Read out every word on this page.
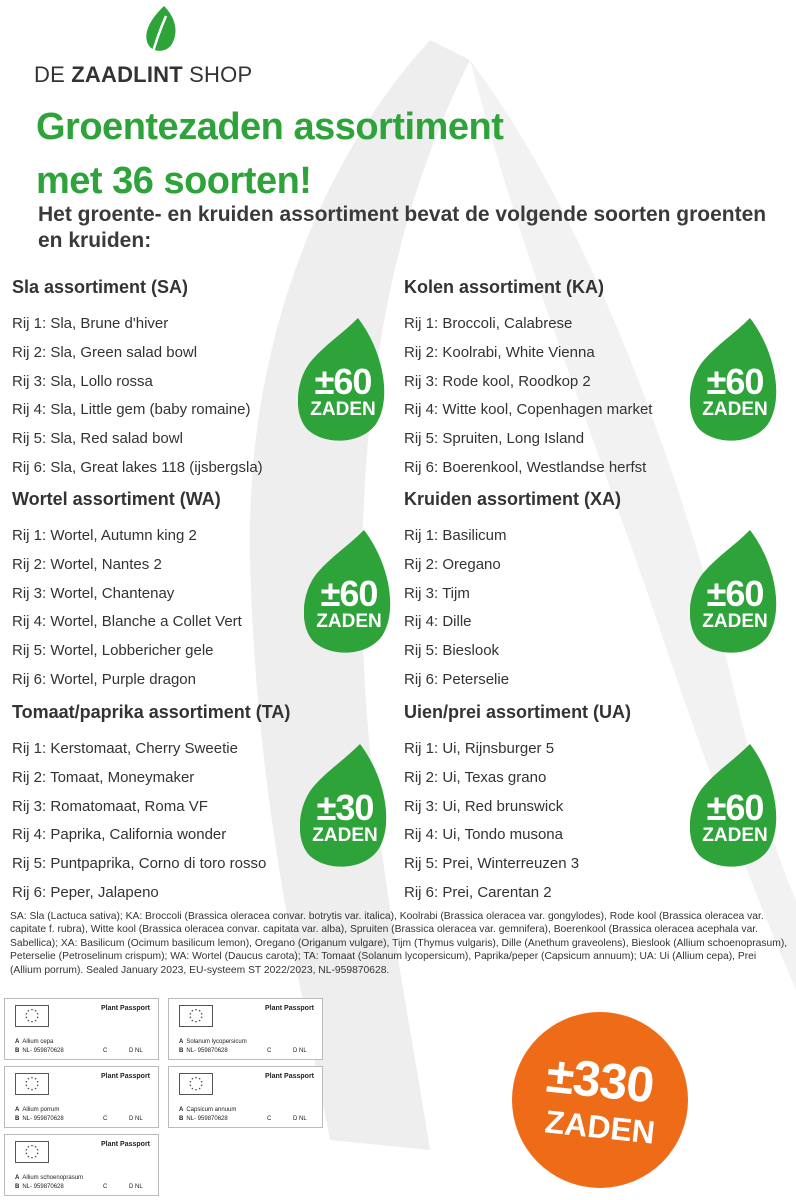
DE ZAADLINT SHOP
Groentezaden assortiment
met 36 soorten!

Het groente- en kruiden assortiment bevat de volgende soorten groenten en kruiden:

Sla assortiment (SA)
Rij 1: Sla, Brune d'hiver
Rij 2: Sla, Green salad bowl
Rij 3: Sla, Lollo rossa
Rij 4: Sla, Little gem (baby romaine)
Rij 5: Sla, Red salad bowl
Rij 6: Sla, Great lakes 118 (ijsbergsla)
Kolen assortiment (KA)
Rij 1: Broccoli, Calabrese
Rij 2: Koolrabi, White Vienna
Rij 3: Rode kool, Roodkop 2
Rij 4: Witte kool, Copenhagen market
Rij 5: Spruiten, Long Island
Rij 6: Boerenkool, Westlandse herfst
Wortel assortiment (WA)
Rij 1: Wortel, Autumn king 2
Rij 2: Wortel, Nantes 2
Rij 3: Wortel, Chantenay
Rij 4: Wortel, Blanche a Collet Vert
Rij 5: Wortel, Lobbericher gele
Rij 6: Wortel, Purple dragon
Kruiden assortiment (XA)
Rij 1: Basilicum
Rij 2: Oregano
Rij 3: Tijm
Rij 4: Dille
Rij 5: Bieslook
Rij 6: Peterselie
Tomaat/paprika assortiment (TA)
Rij 1: Kerstomaat, Cherry Sweetie
Rij 2: Tomaat, Moneymaker
Rij 3: Romatomaat, Roma VF
Rij 4: Paprika, California wonder
Rij 5: Puntpaprika, Corno di toro rosso
Rij 6: Peper, Jalapeno
Uien/prei assortiment (UA)
Rij 1: Ui, Rijnsburger 5
Rij 2: Ui, Texas grano
Rij 3: Ui, Red brunswick
Rij 4: Ui, Tondo musona
Rij 5: Prei, Winterreuzen 3
Rij 6: Prei, Carentan 2
±60
ZADEN
±60
ZADEN
±60
ZADEN
±60
ZADEN
±30
ZADEN
±60
ZADEN

SA: Sla (Lactuca sativa); KA: Broccoli (Brassica oleracea convar. botrytis var. italica), Koolrabi (Brassica oleracea var. gongylodes), Rode kool (Brassica oleracea var. capitate f. rubra), Witte kool (Brassica oleracea convar. capitata var. alba), Spruiten (Brassica oleracea var. gemnifera), Boerenkool (Brassica oleracea acephala var. Sabellica); XA: Basilicum (Ocimum basilicum lemon), Oregano (Origanum vulgare), Tijm (Thymus vulgaris), Dille (Anethum graveolens), Bieslook (Allium schoenoprasum), Peterselie (Petroselinum crispum); WA: Wortel (Daucus carota); TA: Tomaat (Solanum lycopersicum), Paprika/peper (Capsicum annuum); UA: Ui (Allium cepa), Prei (Allium porrum). Sealed January 2023, EU-systeem ST 2022/2023, NL-959870628.

Plant Passport
A Allium cepa
B NL- 959870628	C	D NL
Plant Passport
A Solanum lycopersicum
B NL- 959870628	C	D NL
Plant Passport
A Allium porrum
B NL- 959870628	C	D NL
Plant Passport
A Capsicum annuum
B NL- 959870628	C	D NL
Plant Passport
A Allium schoenoprasum
B NL- 959870628	C	D NL
±330
ZADEN
